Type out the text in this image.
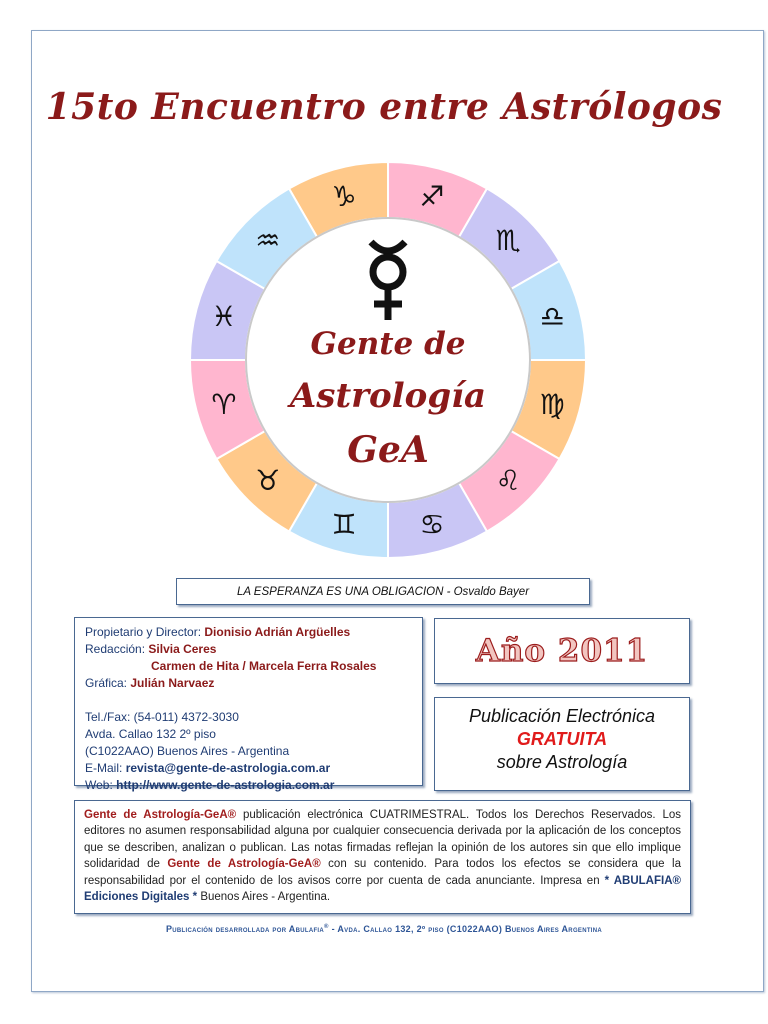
15to Encuentro entre Astrólogos
♑ ♐
♏
♎
♍
♌
♋
♊
♉
♈
♓
♒
Gente de
Astrología
GeA
LA ESPERANZA ES UNA OBLIGACION - Osvaldo Bayer
Propietario y Director: Dionisio Adrián Argüelles
Redacción: Silvia Ceres
Carmen de Hita / Marcela Ferra Rosales
Gráfica: Julián Narvaez
Tel./Fax: (54-011) 4372-3030
Avda. Callao 132 2º piso
(C1022AAO) Buenos Aires - Argentina
E-Mail: revista@gente-de-astrologia.com.ar
Web: http://www.gente-de-astrologia.com.ar
Año 2011
Publicación Electrónica
GRATUITA
sobre Astrología
Gente de Astrología-GeA® publicación electrónica CUATRIMESTRAL. Todos los Derechos Reservados. Los editores no asumen responsabilidad alguna por cualquier consecuencia derivada por la aplicación de los conceptos que se describen, analizan o publican. Las notas firmadas reflejan la opinión de los autores sin que ello implique solidaridad de Gente de Astrología-GeA® con su contenido. Para todos los efectos se considera que la responsabilidad por el contenido de los avisos corre por cuenta de cada anunciante. Impresa en * ABULAFIA® Ediciones Digitales * Buenos Aires - Argentina.
Publicación desarrollada por Abulafia® - Avda. Callao 132, 2º piso (C1022AAO) Buenos Aires Argentina
